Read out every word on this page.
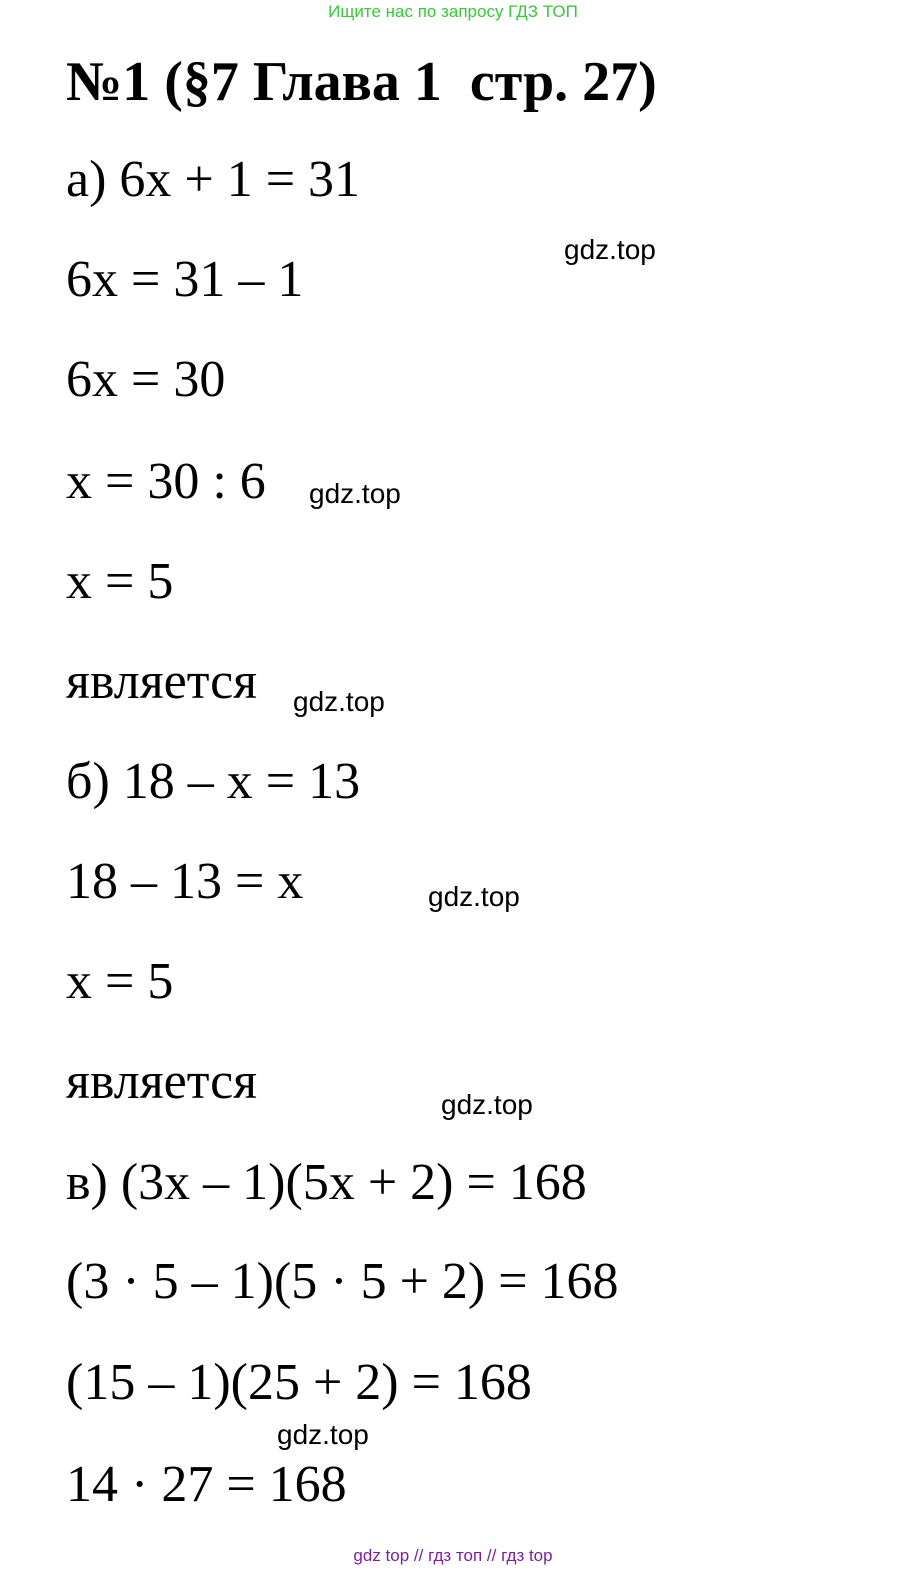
Ищите нас по запросу ГДЗ ТОП
№1 (§7 Глава 1  стр. 27)
а) 6х + 1 = 31
6х = 31 – 1
6х = 30
х = 30 : 6
х = 5
является
б) 18 – х = 13
18 – 13 = х
х = 5
является
в) (3х – 1)(5х + 2) = 168
(3 · 5 – 1)(5 · 5 + 2) = 168
(15 – 1)(25 + 2) = 168
14 · 27 = 168
gdz.top
gdz.top
gdz.top
gdz.top
gdz.top
gdz.top
gdz top // гдз топ // гдз top
